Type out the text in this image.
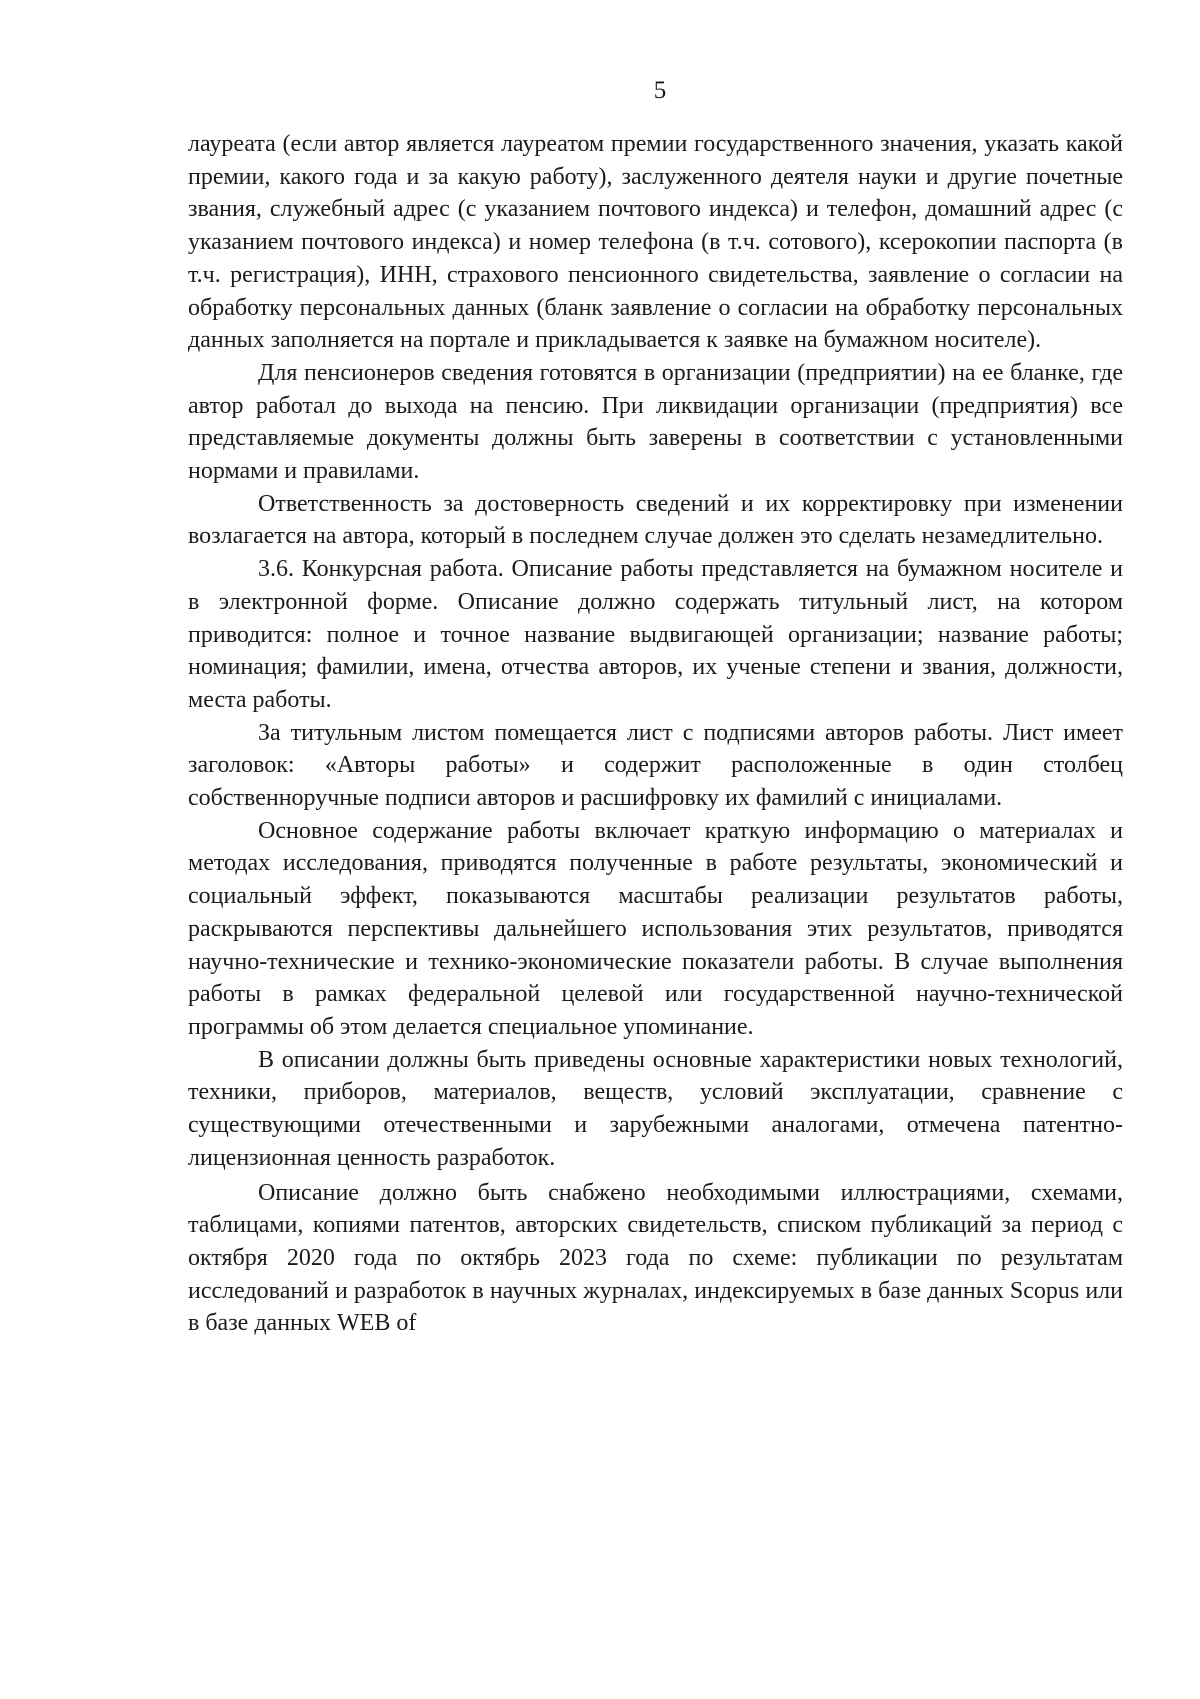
5

лауреата (если автор является лауреатом премии государственного значения, указать какой премии, какого года и за какую работу), заслуженного деятеля науки и другие почетные звания, служебный адрес (с указанием почтового индекса) и телефон, домашний адрес (с указанием почтового индекса) и номер телефона (в т.ч. сотового), ксерокопии паспорта (в т.ч. регистрация), ИНН, страхового пенсионного свидетельства, заявление о согласии на обработку персональных данных (бланк заявление о согласии на обработку персональных данных заполняется на портале и прикладывается к заявке на бумажном носителе).

Для пенсионеров сведения готовятся в организации (предприятии) на ее бланке, где автор работал до выхода на пенсию. При ликвидации организации (предприятия) все представляемые документы должны быть заверены в соответствии с установленными нормами и правилами.

Ответственность за достоверность сведений и их корректировку при изменении возлагается на автора, который в последнем случае должен это сделать незамедлительно.

3.6. Конкурсная работа. Описание работы представляется на бумажном носителе и в электронной форме. Описание должно содержать титульный лист, на котором приводится: полное и точное название выдвигающей организации; название работы; номинация; фамилии, имена, отчества авторов, их ученые степени и звания, должности, места работы.

За титульным листом помещается лист с подписями авторов работы. Лист имеет заголовок: «Авторы работы» и содержит расположенные в один столбец собственноручные подписи авторов и расшифровку их фамилий с инициалами.

Основное содержание работы включает краткую информацию о материалах и методах исследования, приводятся полученные в работе результаты, экономический и социальный эффект, показываются масштабы реализации результатов работы, раскрываются перспективы дальнейшего использования этих результатов, приводятся научно-технические и технико-экономические показатели работы. В случае выполнения работы в рамках федеральной целевой или государственной научно-технической программы об этом делается специальное упоминание.

В описании должны быть приведены основные характеристики новых технологий, техники, приборов, материалов, веществ, условий эксплуатации, сравнение с существующими отечественными и зарубежными аналогами, отмечена патентно-лицензионная ценность разработок.

Описание должно быть снабжено необходимыми иллюстрациями, схемами, таблицами, копиями патентов, авторских свидетельств, списком публикаций за период с октября 2020 года по октябрь 2023 года по схеме: публикации по результатам исследований и разработок в научных журналах, индексируемых в базе данных Scopus или в базе данных WEB of
